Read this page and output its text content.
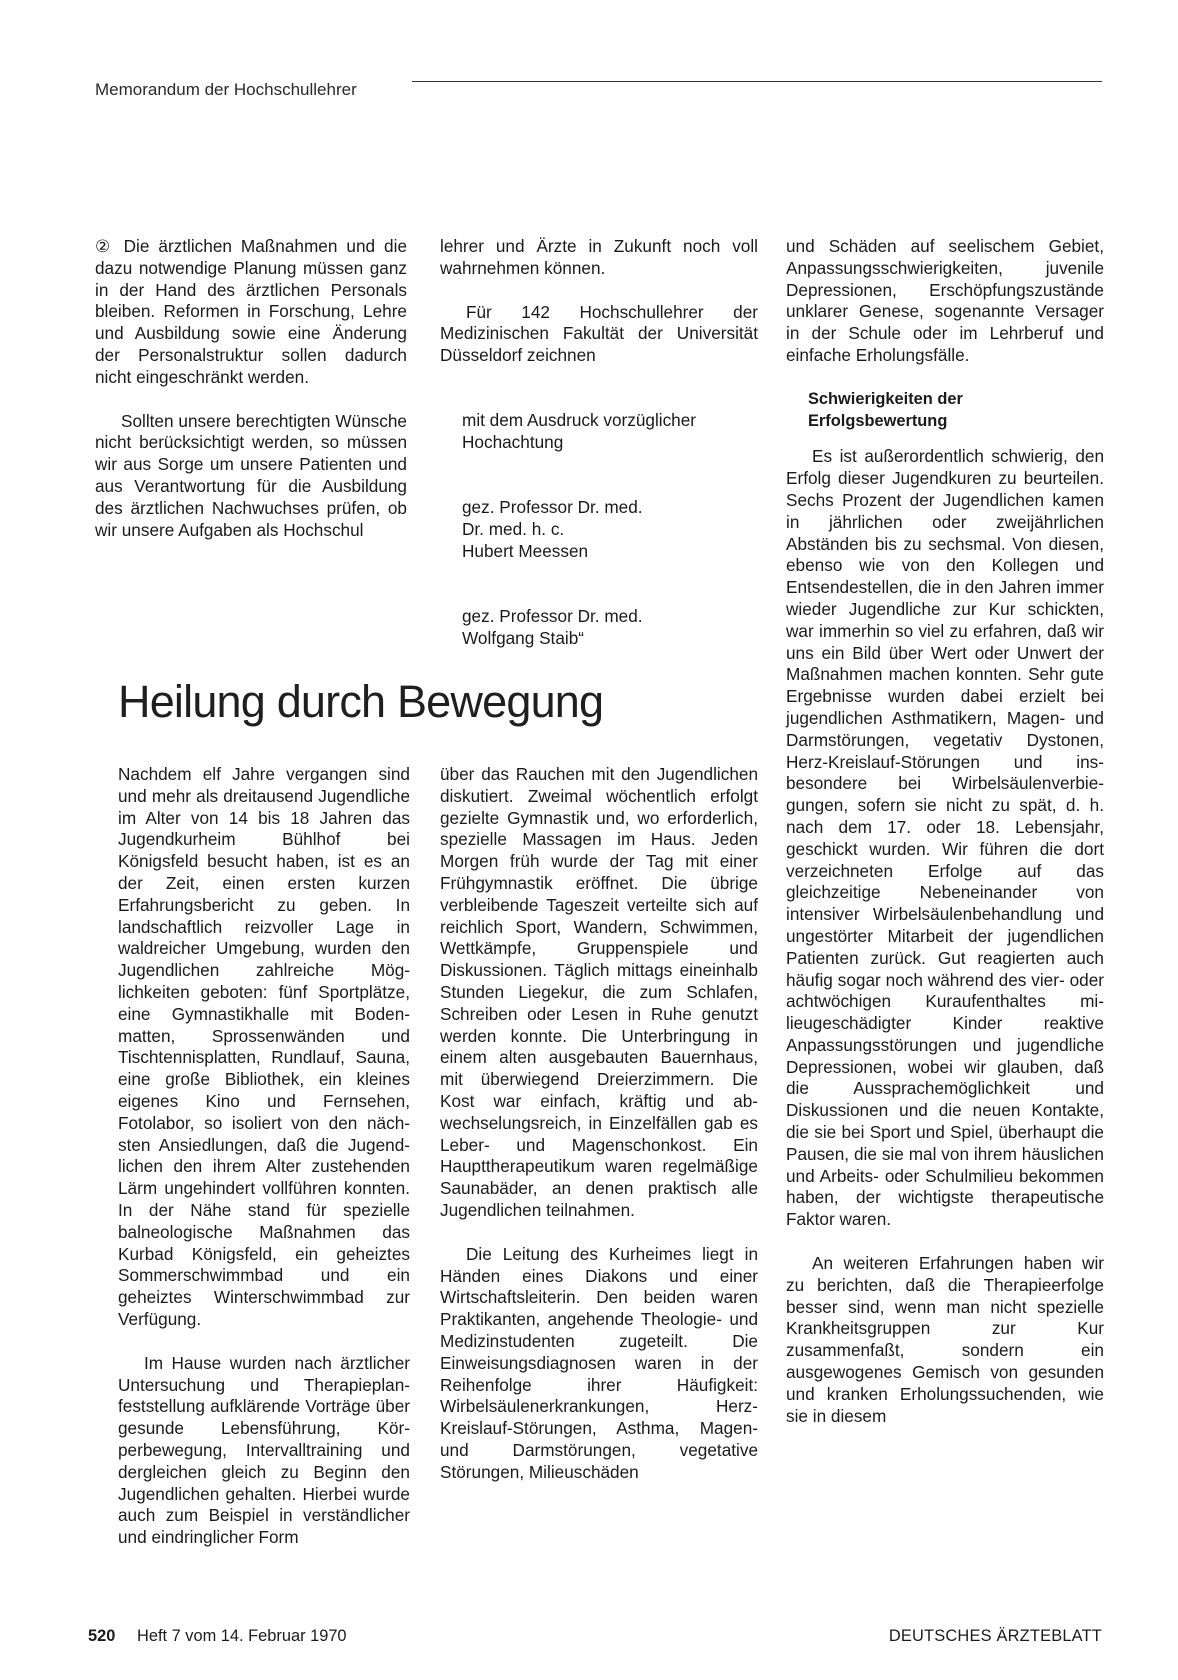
Memorandum der Hochschullehrer

② Die ärztlichen Maßnahmen und die dazu notwendige Planung müssen ganz in der Hand des ärztlichen Personals bleiben. Reformen in Forschung, Lehre und Ausbildung sowie eine Änderung der Personalstruktur sollen dadurch nicht eingeschränkt werden.

Sollten unsere berechtigten Wünsche nicht berücksichtigt werden, so müssen wir aus Sorge um unsere Patienten und aus Verantwortung für die Ausbildung des ärztlichen Nachwuchses prüfen, ob wir unsere Aufgaben als Hochschul

lehrer und Ärzte in Zukunft noch voll wahrnehmen können.

Für 142 Hochschullehrer der Medizinischen Fakultät der Universität Düsseldorf zeichnen

mit dem Ausdruck vorzüglicher
Hochachtung

gez. Professor Dr. med.
Dr. med. h. c.
Hubert Meessen

gez. Professor Dr. med.
Wolfgang Staib“

Heilung durch Bewegung

Nachdem elf Jahre vergangen sind und mehr als dreitausend Jugendliche im Alter von 14 bis 18 Jahren das Jugendkurheim Bühlhof bei Königsfeld besucht haben, ist es an der Zeit, einen ersten kurzen Erfahrungsbericht zu geben. In landschaftlich reizvoller Lage in waldreicher Umgebung, wurden den Jugendlichen zahlreiche Möglichkeiten geboten: fünf Sportplätze, eine Gymnastikhalle mit Bodenmatten, Sprossenwänden und Tischtennisplatten, Rundlauf, Sauna, eine große Bibliothek, ein kleines eigenes Kino und Fernsehen, Fotolabor, so isoliert von den nächsten Ansiedlungen, daß die Jugendlichen den ihrem Alter zustehenden Lärm ungehindert vollführen konnten. In der Nähe stand für spezielle balneologische Maßnahmen das Kurbad Königsfeld, ein geheiztes Sommerschwimmbad und ein geheiztes Winterschwimmbad zur Verfügung.

Im Hause wurden nach ärztlicher Untersuchung und Therapieplanfeststellung aufklärende Vorträge über gesunde Lebensführung, Körperbewegung, Intervalltraining und dergleichen gleich zu Beginn den Jugendlichen gehalten. Hierbei wurde auch zum Beispiel in verständlicher und eindringlicher Form

über das Rauchen mit den Jugendlichen diskutiert. Zweimal wöchentlich erfolgt gezielte Gymnastik und, wo erforderlich, spezielle Massagen im Haus. Jeden Morgen früh wurde der Tag mit einer Frühgymnastik eröffnet. Die übrige verbleibende Tageszeit verteilte sich auf reichlich Sport, Wandern, Schwimmen, Wettkämpfe, Gruppenspiele und Diskussionen. Täglich mittags eineinhalb Stunden Liegekur, die zum Schlafen, Schreiben oder Lesen in Ruhe genutzt werden konnte. Die Unterbringung in einem alten ausgebauten Bauernhaus, mit überwiegend Dreierzimmern. Die Kost war einfach, kräftig und abwechselungsreich, in Einzelfällen gab es Leber- und Magenschonkost. Ein Haupttherapeutikum waren regelmäßige Saunabäder, an denen praktisch alle Jugendlichen teilnahmen.

Die Leitung des Kurheimes liegt in Händen eines Diakons und einer Wirtschaftsleiterin. Den beiden waren Praktikanten, angehende Theologie- und Medizinstudenten zugeteilt. Die Einweisungsdiagnosen waren in der Reihenfolge ihrer Häufigkeit: Wirbelsäulenerkrankungen, Herz-Kreislauf-Störungen, Asthma, Magen- und Darmstörungen, vegetative Störungen, Milieuschäden

und Schäden auf seelischem Gebiet, Anpassungsschwierigkeiten, juvenile Depressionen, Erschöpfungszustände unklarer Genese, sogenannte Versager in der Schule oder im Lehrberuf und einfache Erholungsfälle.

Schwierigkeiten der
Erfolgsbewertung

Es ist außerordentlich schwierig, den Erfolg dieser Jugendkuren zu beurteilen. Sechs Prozent der Jugendlichen kamen in jährlichen oder zweijährlichen Abständen bis zu sechsmal. Von diesen, ebenso wie von den Kollegen und Entsendestellen, die in den Jahren immer wieder Jugendliche zur Kur schickten, war immerhin so viel zu erfahren, daß wir uns ein Bild über Wert oder Unwert der Maßnahmen machen konnten. Sehr gute Ergebnisse wurden dabei erzielt bei jugendlichen Asthmatikern, Magen- und Darmstörungen, vegetativ Dystonen, Herz-Kreislauf-Störungen und insbesondere bei Wirbelsäulenverbiegungen, sofern sie nicht zu spät, d. h. nach dem 17. oder 18. Lebensjahr, geschickt wurden. Wir führen die dort verzeichneten Erfolge auf das gleichzeitige Nebeneinander von intensiver Wirbelsäulenbehandlung und ungestörter Mitarbeit der jugendlichen Patienten zurück. Gut reagierten auch häufig sogar noch während des vier- oder achtwöchigen Kuraufenthaltes milieugeschädigter Kinder reaktive Anpassungsstörungen und jugendliche Depressionen, wobei wir glauben, daß die Aussprachemöglichkeit und Diskussionen und die neuen Kontakte, die sie bei Sport und Spiel, überhaupt die Pausen, die sie mal von ihrem häuslichen und Arbeits- oder Schulmilieu bekommen haben, der wichtigste therapeutische Faktor waren.

An weiteren Erfahrungen haben wir zu berichten, daß die Therapieerfolge besser sind, wenn man nicht spezielle Krankheitsgruppen zur Kur zusammenfaßt, sondern ein ausgewogenes Gemisch von gesunden und kranken Erholungssuchenden, wie sie in diesem

520 Heft 7 vom 14. Februar 1970	DEUTSCHES ÄRZTEBLATT
